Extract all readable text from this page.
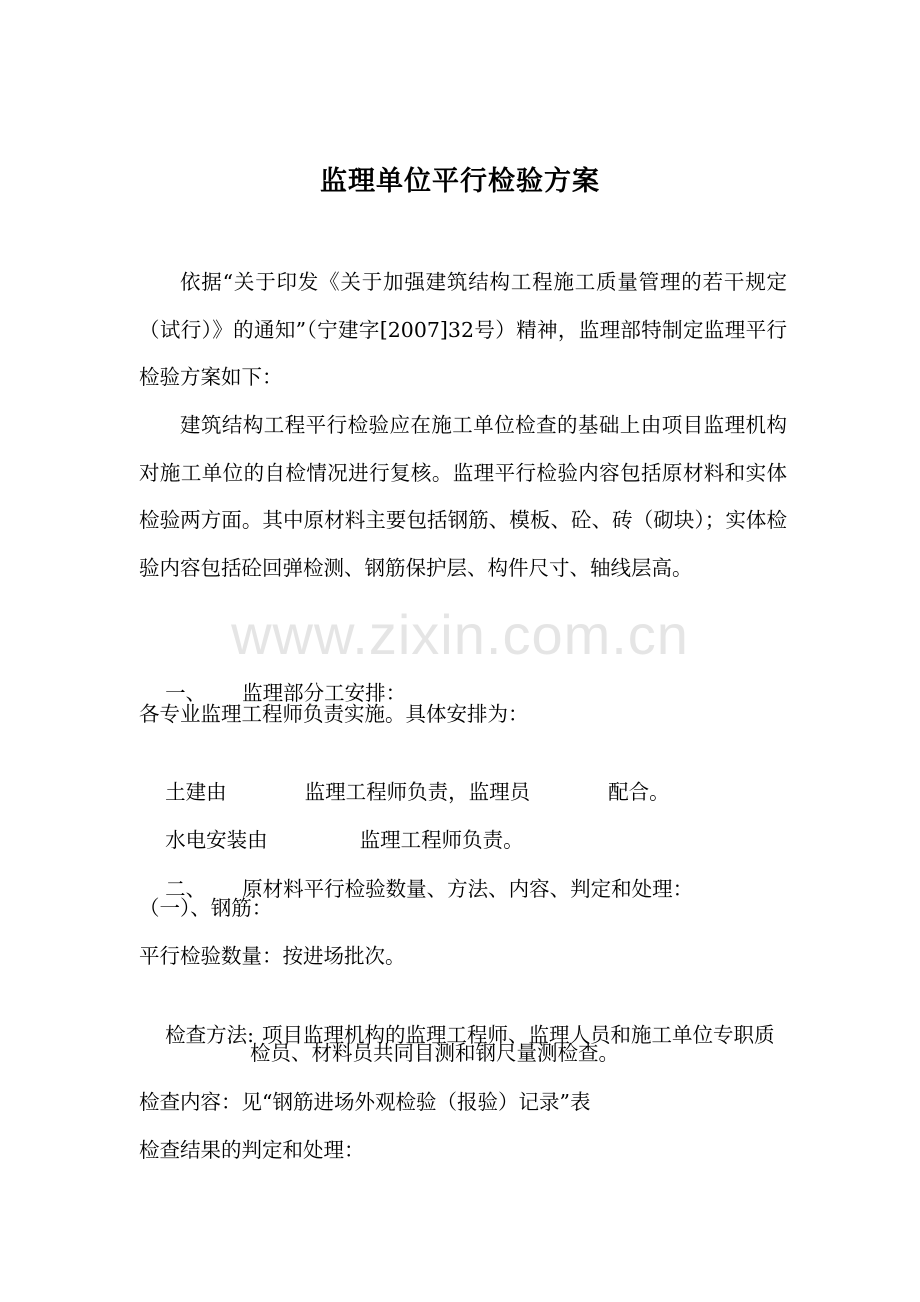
监理单位平行检验方案
依据“关于印发《关于加强建筑结构工程施工质量管理的若干规定（试行）》的通知”（宁建字[2007]32号）精神，监理部特制定监理平行检验方案如下：
建筑结构工程平行检验应在施工单位检查的基础上由项目监理机构对施工单位的自检情况进行复核。监理平行检验内容包括原材料和实体检验两方面。其中原材料主要包括钢筋、模板、砼、砖（砌块）；实体检验内容包括砼回弹检测、钢筋保护层、构件尺寸、轴线层高。

一、 监理部分工安排：

各专业监理工程师负责实施。具体安排为：

土建由	监理工程师负责，监理员	配合。

水电安装由	监理工程师负责。

二、 原材料平行检验数量、方法、内容、判定和处理：

（一）、钢筋：
平行检验数量：按进场批次。

检查方法: 项目监理机构的监理工程师、监理人员和施工单位专职质

检员、材料员共同目测和钢尺量测检查。
检查内容：见“钢筋进场外观检验（报验）记录”表
检查结果的判定和处理：
www.zixin.com.cn
